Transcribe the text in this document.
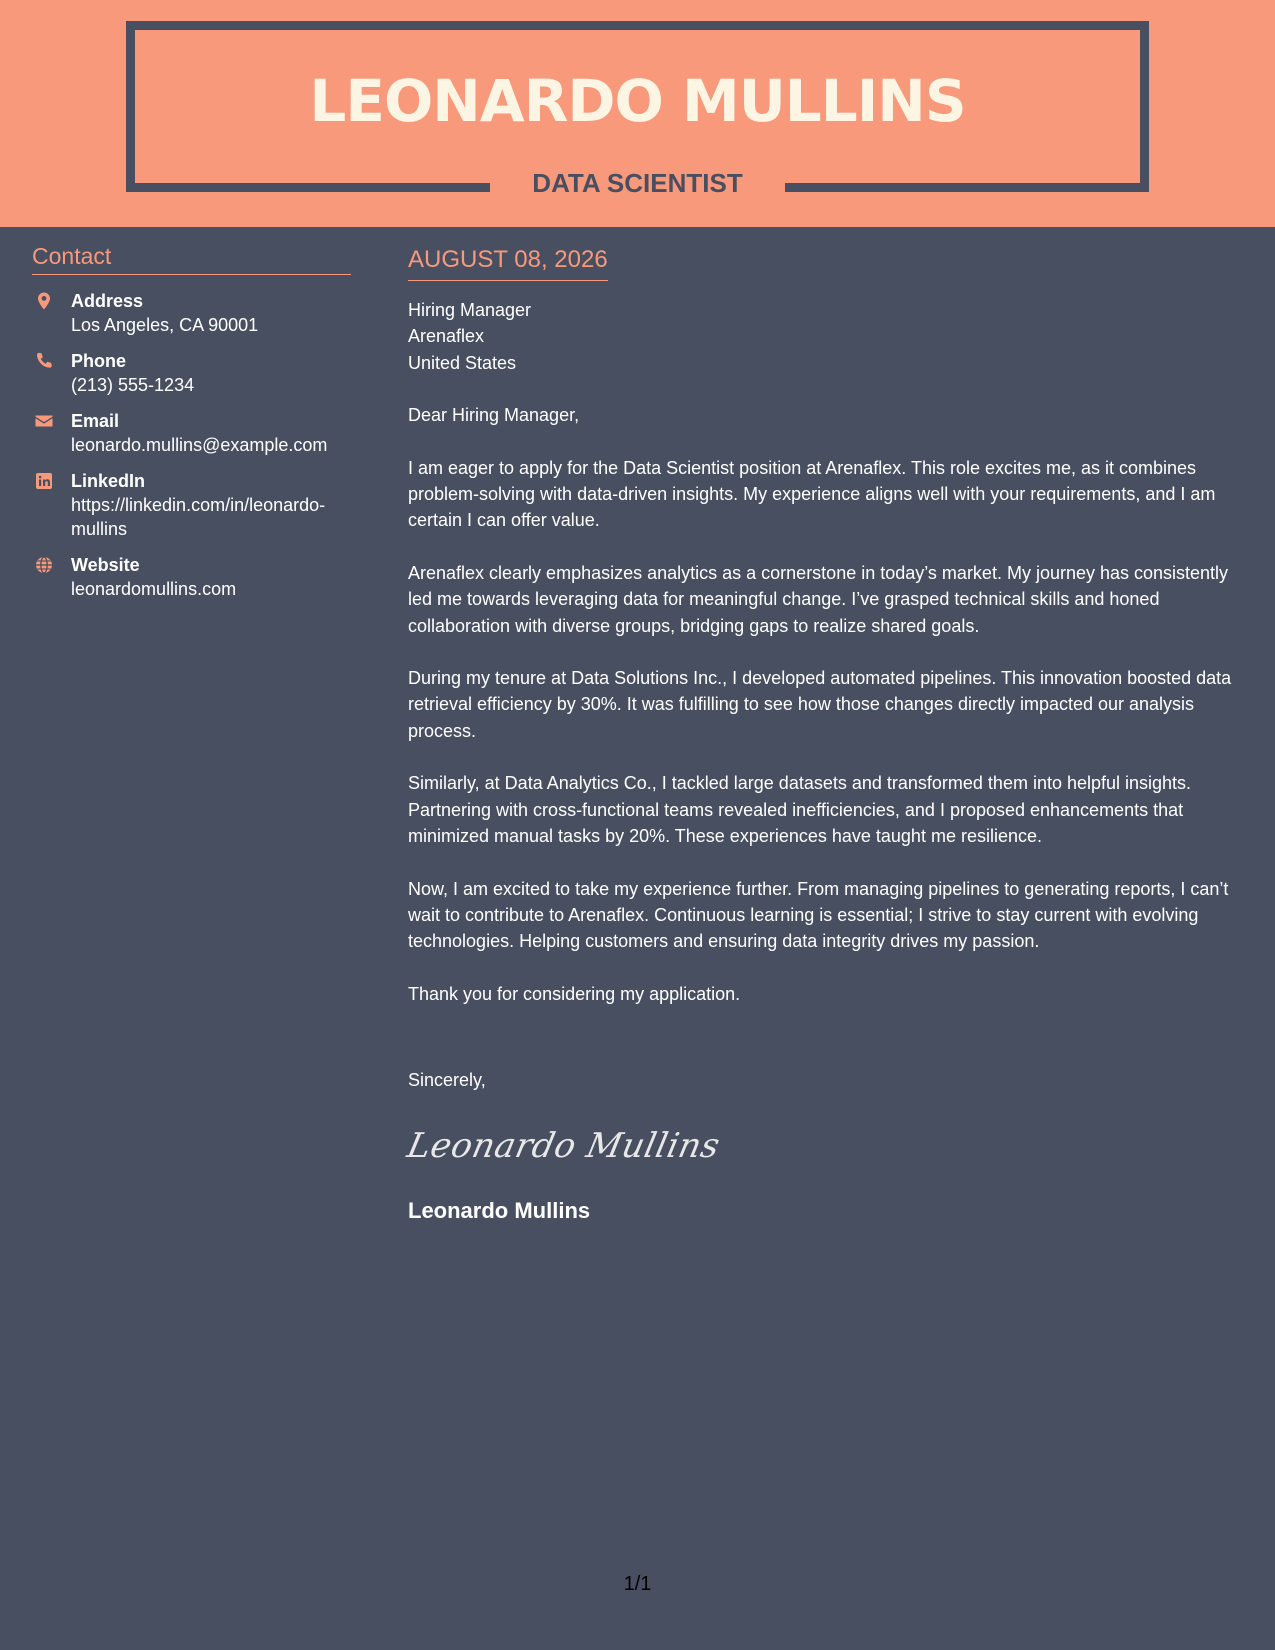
LEONARDO MULLINS
DATA SCIENTIST
Contact
Address
Los Angeles, CA 90001
Phone
(213) 555-1234
Email
leonardo.mullins@example.com
LinkedIn
https://linkedin.com/in/leonardo-mullins
Website
leonardomullins.com
AUGUST 08, 2026
Hiring Manager
Arenaflex
United States
Dear Hiring Manager,

I am eager to apply for the Data Scientist position at Arenaflex. This role excites me, as it combines problem-solving with data-driven insights. My experience aligns well with your requirements, and I am certain I can offer value.

Arenaflex clearly emphasizes analytics as a cornerstone in today’s market. My journey has consistently led me towards leveraging data for meaningful change. I’ve grasped technical skills and honed collaboration with diverse groups, bridging gaps to realize shared goals.

During my tenure at Data Solutions Inc., I developed automated pipelines. This innovation boosted data retrieval efficiency by 30%. It was fulfilling to see how those changes directly impacted our analysis process.

Similarly, at Data Analytics Co., I tackled large datasets and transformed them into helpful insights. Partnering with cross-functional teams revealed inefficiencies, and I proposed enhancements that minimized manual tasks by 20%. These experiences have taught me resilience.

Now, I am excited to take my experience further. From managing pipelines to generating reports, I can’t wait to contribute to Arenaflex. Continuous learning is essential; I strive to stay current with evolving technologies. Helping customers and ensuring data integrity drives my passion.

Thank you for considering my application.

Sincerely,
Leonardo Mullins
Leonardo Mullins
1/1
